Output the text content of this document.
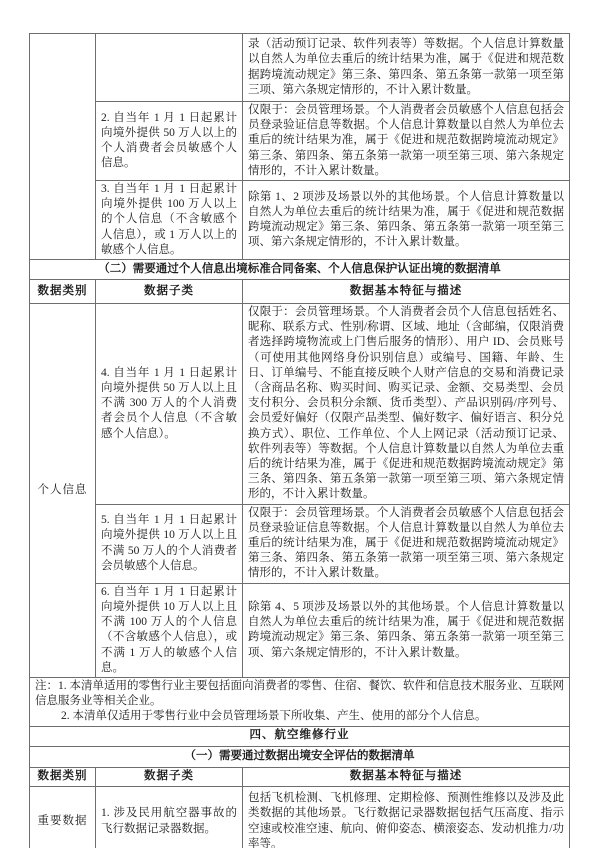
		录（活动预订记录、软件列表等）等数据。个人信息计算数量以自然人为单位去重后的统计结果为准，属于《促进和规范数据跨境流动规定》第三条、第四条、第五条第一款第一项至第三项、第六条规定情形的，不计入累计数量。
	2. 自当年 1 月 1 日起累计向境外提供 50 万人以上的个人消费者会员敏感个人信息。	仅限于：会员管理场景。个人消费者会员敏感个人信息包括会员登录验证信息等数据。个人信息计算数量以自然人为单位去重后的统计结果为准，属于《促进和规范数据跨境流动规定》第三条、第四条、第五条第一款第一项至第三项、第六条规定情形的，不计入累计数量。
	3. 自当年 1 月 1 日起累计向境外提供 100 万人以上的个人信息（不含敏感个人信息），或 1 万人以上的敏感个人信息。	除第 1、2 项涉及场景以外的其他场景。个人信息计算数量以自然人为单位去重后的统计结果为准，属于《促进和规范数据跨境流动规定》第三条、第四条、第五条第一款第一项至第三项、第六条规定情形的，不计入累计数量。
（二）需要通过个人信息出境标准合同备案、个人信息保护认证出境的数据清单		
数据类别	数据子类	数据基本特征与描述
个人信息	4. 自当年 1 月 1 日起累计向境外提供 50 万人以上且不满 300 万人的个人消费者会员个人信息（不含敏感个人信息）。	仅限于：会员管理场景。个人消费者会员个人信息包括姓名、昵称、联系方式、性别/称谓、区域、地址（含邮编，仅限消费者选择跨境物流或上门售后服务的情形）、用户 ID、会员账号（可使用其他网络身份识别信息）或编号、国籍、年龄、生日、订单编号、不能直接反映个人财产信息的交易和消费记录（含商品名称、购买时间、购买记录、金额、交易类型、会员支付积分、会员积分余额、货币类型）、产品识别码/序列号、会员爱好偏好（仅限产品类型、偏好数字、偏好语言、积分兑换方式）、职位、工作单位、个人上网记录（活动预订记录、软件列表等）等数据。个人信息计算数量以自然人为单位去重后的统计结果为准，属于《促进和规范数据跨境流动规定》第三条、第四条、第五条第一款第一项至第三项、第六条规定情形的，不计入累计数量。
	5. 自当年 1 月 1 日起累计向境外提供 10 万人以上且不满 50 万人的个人消费者会员敏感个人信息。	仅限于：会员管理场景。个人消费者会员敏感个人信息包括会员登录验证信息等数据。个人信息计算数量以自然人为单位去重后的统计结果为准，属于《促进和规范数据跨境流动规定》第三条、第四条、第五条第一款第一项至第三项、第六条规定情形的，不计入累计数量。
	6. 自当年 1 月 1 日起累计向境外提供 10 万人以上且不满 100 万人的个人信息（不含敏感个人信息），或不满 1 万人的敏感个人信息。	除第 4、5 项涉及场景以外的其他场景。个人信息计算数量以自然人为单位去重后的统计结果为准，属于《促进和规范数据跨境流动规定》第三条、第四条、第五条第一款第一项至第三项、第六条规定情形的，不计入累计数量。

注：1. 本清单适用的零售行业主要包括面向消费者的零售、住宿、餐饮、软件和信息技术服务业、互联网信息服务业等相关企业。
2. 本清单仅适用于零售行业中会员管理场景下所收集、产生、使用的部分个人信息。		

四、航空维修行业		
（一）需要通过数据出境安全评估的数据清单		
数据类别	数据子类	数据基本特征与描述
重要数据	1. 涉及民用航空器事故的飞行数据记录器数据。	包括飞机检测、飞机修理、定期检修、预测性维修以及涉及此类数据的其他场景。飞行数据记录器数据包括气压高度、指示空速或校准空速、航向、俯仰姿态、横滚姿态、发动机推力/功率等。
